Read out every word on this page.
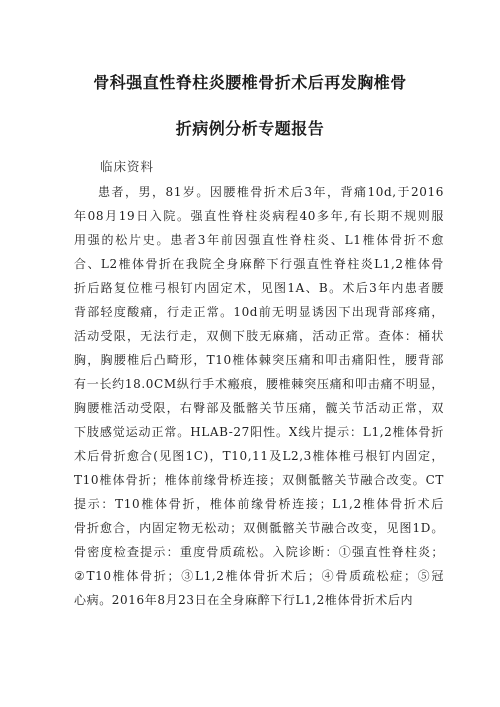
骨科强直性脊柱炎腰椎骨折术后再发胸椎骨
折病例分析专题报告
临床资料
患者，男，81岁。因腰椎骨折术后3年，背痛10d,于2016
年08月19日入院。强直性脊柱炎病程40多年,有长期不规则服
用强的松片史。患者3年前因强直性脊柱炎、L1椎体骨折不愈
合、L2椎体骨折在我院全身麻醉下行强直性脊柱炎L1,2椎体骨
折后路复位椎弓根钉内固定术，见图1A、B。术后3年内患者腰
背部轻度酸痛，行走正常。10d前无明显诱因下出现背部疼痛，
活动受限，无法行走，双侧下肢无麻痛，活动正常。查体：桶状
胸，胸腰椎后凸畸形，T10椎体棘突压痛和叩击痛阳性，腰背部
有一长约18.0CM纵行手术瘢痕，腰椎棘突压痛和叩击痛不明显，
胸腰椎活动受限，右臀部及骶髂关节压痛，髋关节活动正常，双
下肢感觉运动正常。HLAB-27阳性。X线片提示：L1,2椎体骨折
术后骨折愈合(见图1C)，T10,11及L2,3椎体椎弓根钉内固定，
T10椎体骨折；椎体前缘骨桥连接；双侧骶髂关节融合改变。CT
提示：T10椎体骨折，椎体前缘骨桥连接；L1,2椎体骨折术后
骨折愈合，内固定物无松动；双侧骶髂关节融合改变，见图1D。
骨密度检查提示：重度骨质疏松。入院诊断：①强直性脊柱炎；
②T10椎体骨折；③L1,2椎体骨折术后；④骨质疏松症；⑤冠
心病。2016年8月23日在全身麻醉下行L1,2椎体骨折术后内
